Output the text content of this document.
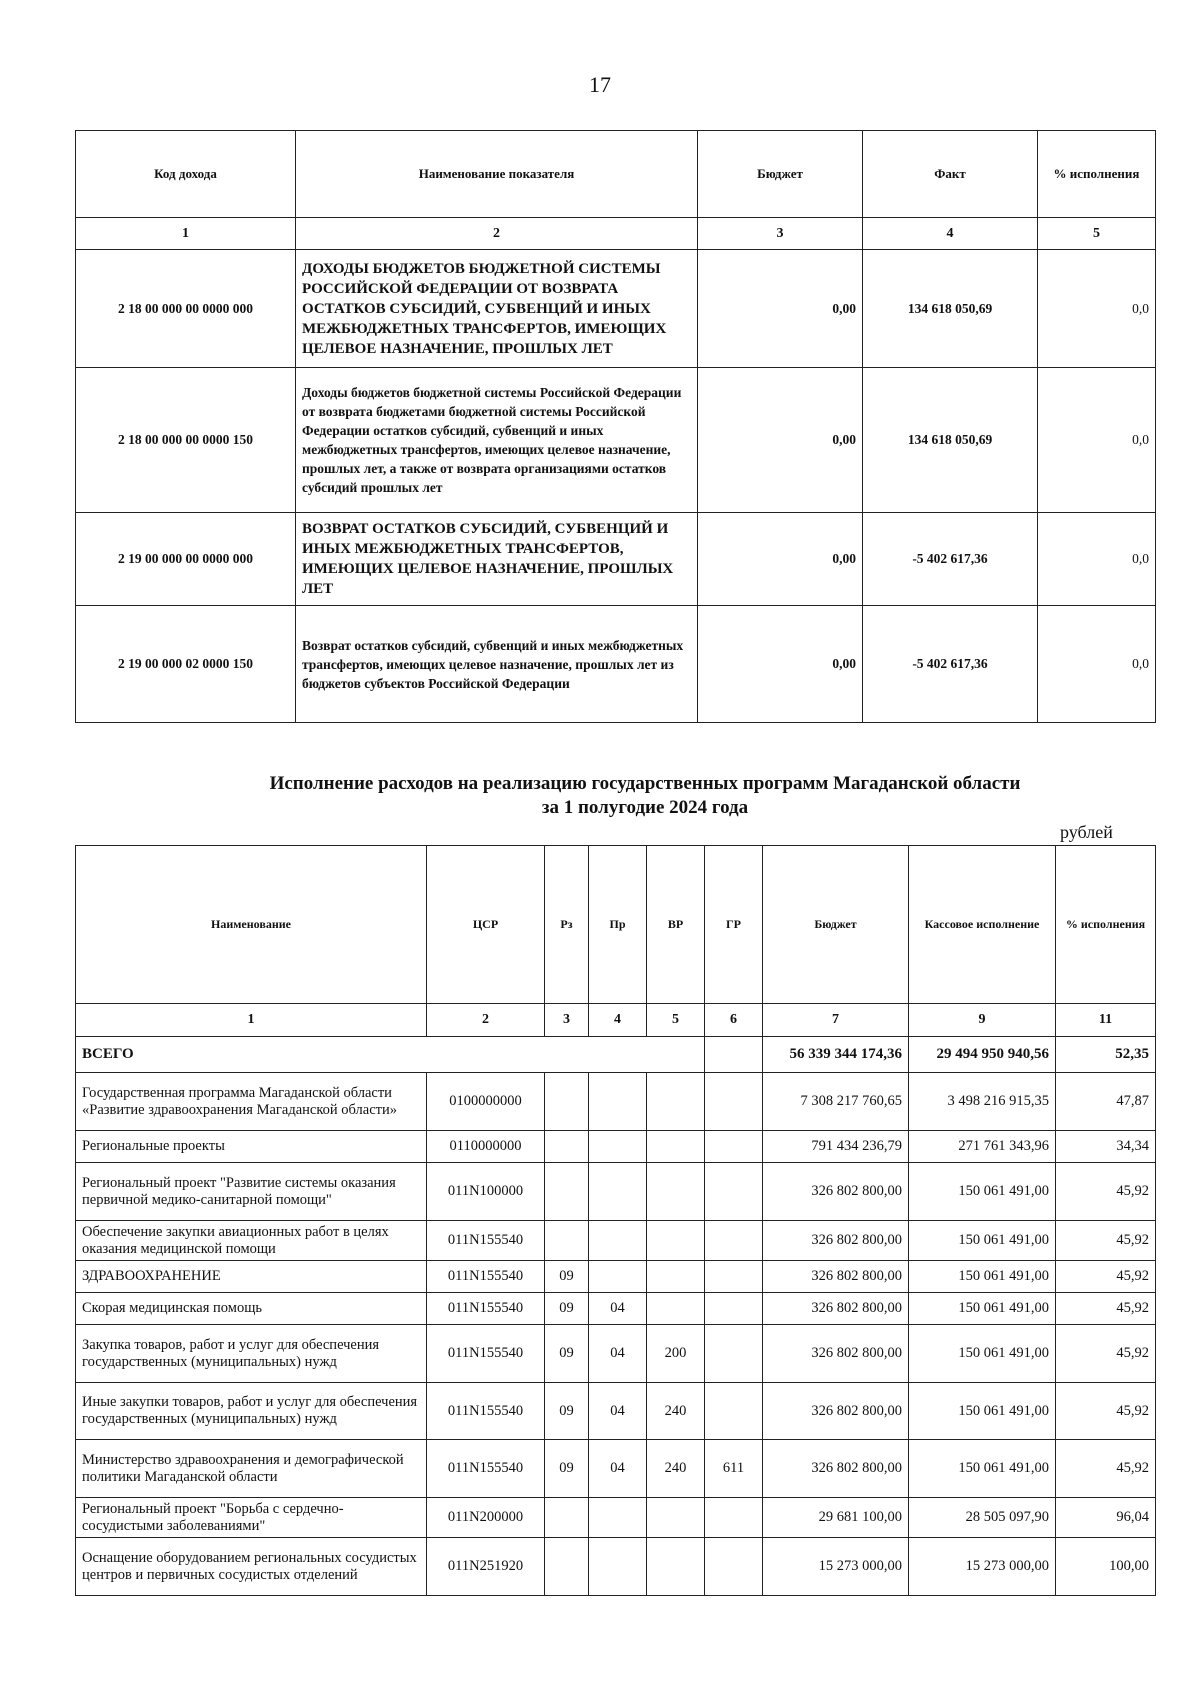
17
Код дохода	Наименование показателя	Бюджет	Факт	% исполнения
1	2	3	4	5
2 18 00 000 00 0000 000	ДОХОДЫ БЮДЖЕТОВ БЮДЖЕТНОЙ СИСТЕМЫ РОССИЙСКОЙ ФЕДЕРАЦИИ ОТ ВОЗВРАТА ОСТАТКОВ СУБСИДИЙ, СУБВЕНЦИЙ И ИНЫХ МЕЖБЮДЖЕТНЫХ ТРАНСФЕРТОВ, ИМЕЮЩИХ ЦЕЛЕВОЕ НАЗНАЧЕНИЕ, ПРОШЛЫХ ЛЕТ	0,00	134 618 050,69	0,0
2 18 00 000 00 0000 150	Доходы бюджетов бюджетной системы Российской Федерации от возврата бюджетами бюджетной системы Российской Федерации остатков субсидий, субвенций и иных межбюджетных трансфертов, имеющих целевое назначение, прошлых лет, а также от возврата организациями остатков субсидий прошлых лет	0,00	134 618 050,69	0,0
2 19 00 000 00 0000 000	ВОЗВРАТ ОСТАТКОВ СУБСИДИЙ, СУБВЕНЦИЙ И ИНЫХ МЕЖБЮДЖЕТНЫХ ТРАНСФЕРТОВ, ИМЕЮЩИХ ЦЕЛЕВОЕ НАЗНАЧЕНИЕ, ПРОШЛЫХ ЛЕТ	0,00	-5 402 617,36	0,0
2 19 00 000 02 0000 150	Возврат остатков субсидий, субвенций и иных межбюджетных трансфертов, имеющих целевое назначение, прошлых лет из бюджетов субъектов Российской Федерации	0,00	-5 402 617,36	0,0
Исполнение расходов на реализацию государственных программ Магаданской области
за 1 полугодие 2024 года
рублей
Наименование	ЦСР	Рз	Пр	ВР	ГР	Бюджет	Кассовое исполнение	% исполнения
1	2	3	4	5	6	7	9	11
ВСЕГО						56 339 344 174,36	29 494 950 940,56	52,35
Государственная программа Магаданской области «Развитие здравоохранения Магаданской области»	0100000000					7 308 217 760,65	3 498 216 915,35	47,87
Региональные проекты	0110000000					791 434 236,79	271 761 343,96	34,34
Региональный проект "Развитие системы оказания первичной медико-санитарной помощи"	011N100000					326 802 800,00	150 061 491,00	45,92
Обеспечение закупки авиационных работ в целях оказания медицинской помощи	011N155540					326 802 800,00	150 061 491,00	45,92
ЗДРАВООХРАНЕНИЕ	011N155540	09				326 802 800,00	150 061 491,00	45,92
Скорая медицинская помощь	011N155540	09	04			326 802 800,00	150 061 491,00	45,92
Закупка товаров, работ и услуг для обеспечения государственных (муниципальных) нужд	011N155540	09	04	200		326 802 800,00	150 061 491,00	45,92
Иные закупки товаров, работ и услуг для обеспечения государственных (муниципальных) нужд	011N155540	09	04	240		326 802 800,00	150 061 491,00	45,92
Министерство здравоохранения и демографической политики Магаданской области	011N155540	09	04	240	611	326 802 800,00	150 061 491,00	45,92
Региональный проект "Борьба с сердечно-сосудистыми заболеваниями"	011N200000					29 681 100,00	28 505 097,90	96,04
Оснащение оборудованием региональных сосудистых центров и первичных сосудистых отделений	011N251920					15 273 000,00	15 273 000,00	100,00
